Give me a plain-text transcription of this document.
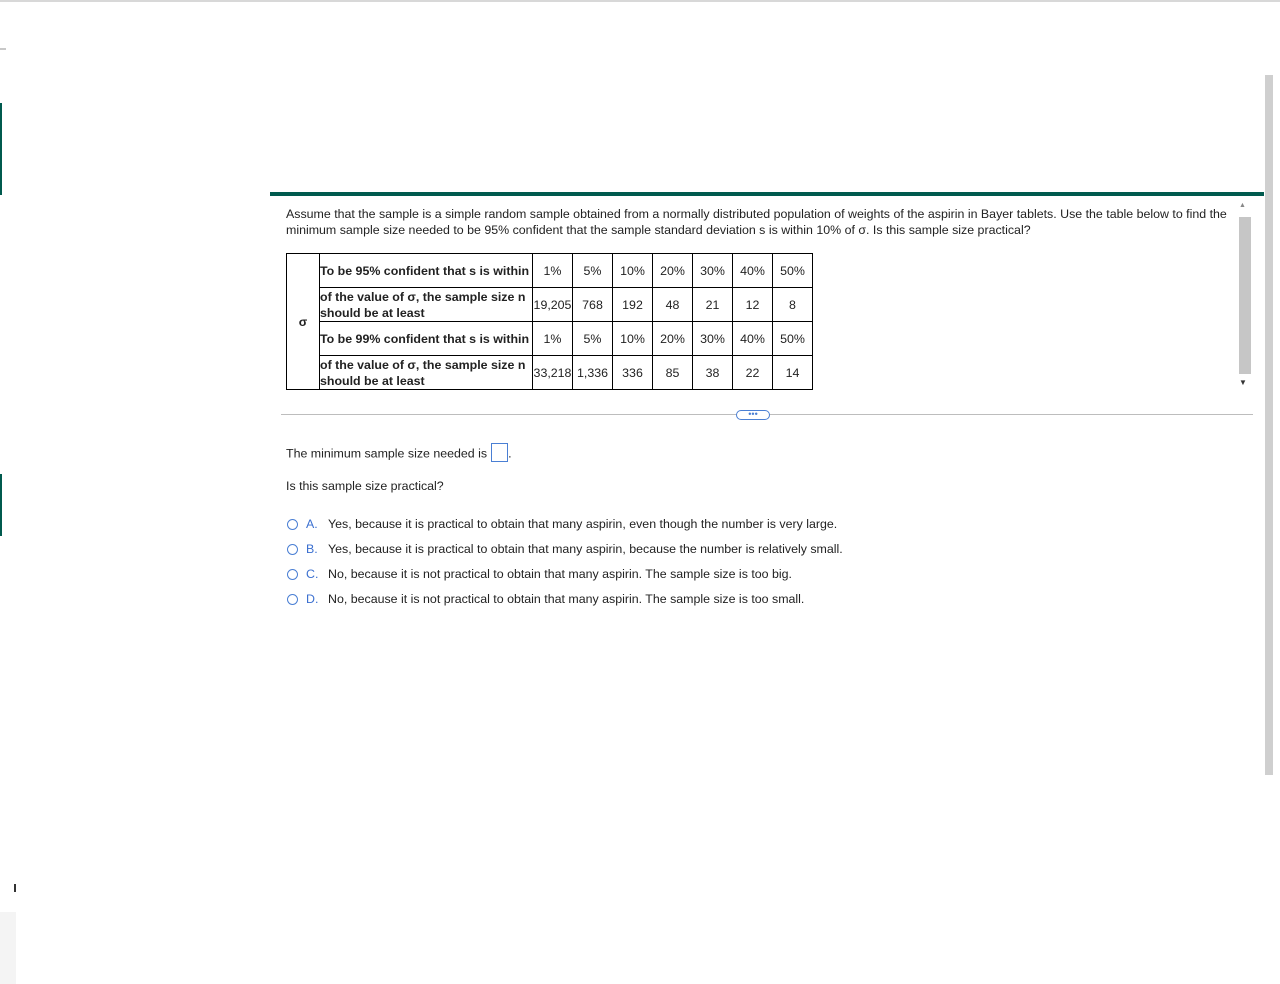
Assume that the sample is a simple random sample obtained from a normally distributed population of weights of the aspirin in Bayer tablets. Use the table below to find the minimum sample size needed to be 95% confident that the sample standard deviation s is within 10% of σ. Is this sample size practical?
▲
▼
σ	To be 95% confident that s is within	1%	5%	10%	20%	30%	40%	50%
	of the value of σ, the sample size n should be at least	19,205	768	192	48	21	12	8
	To be 99% confident that s is within	1%	5%	10%	20%	30%	40%	50%
	of the value of σ, the sample size n should be at least	33,218	1,336	336	85	38	22	14
•••
The minimum sample size needed is .
Is this sample size practical?
A. Yes, because it is practical to obtain that many aspirin, even though the number is very large.
B. Yes, because it is practical to obtain that many aspirin, because the number is relatively small.
C. No, because it is not practical to obtain that many aspirin. The sample size is too big.
D. No, because it is not practical to obtain that many aspirin. The sample size is too small.
